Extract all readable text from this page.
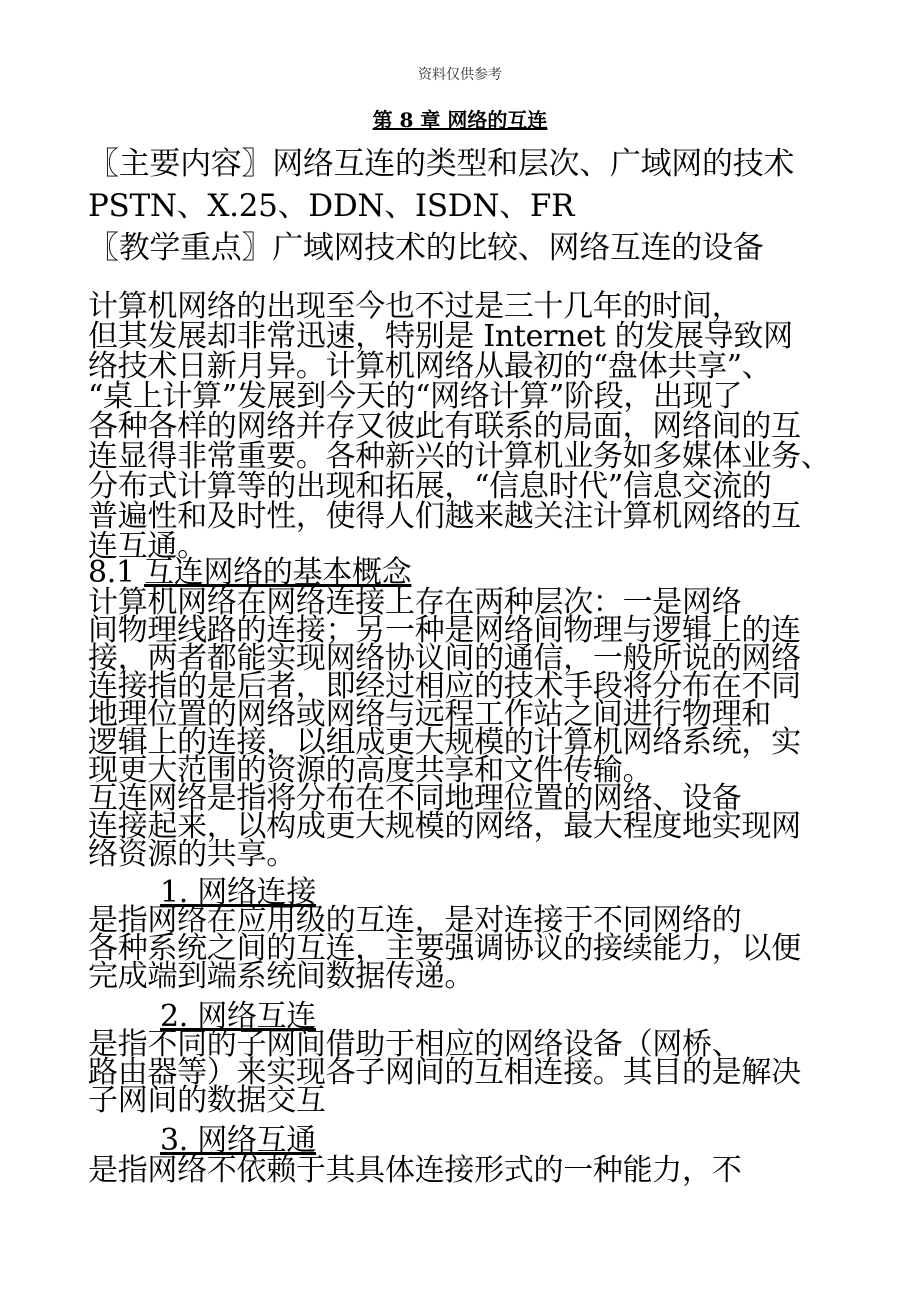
资料仅供参考
第 8 章 网络的互连
〖主要内容〗网络互连的类型和层次、广域网的技术
PSTN、X.25、DDN、ISDN、FR
〖教学重点〗广域网技术的比较、网络互连的设备
计算机网络的出现至今也不过是三十几年的时间，
但其发展却非常迅速，特别是 Internet 的发展导致网
络技术日新月异。计算机网络从最初的“盘体共享”、
“桌上计算”发展到今天的“网络计算”阶段，出现了
各种各样的网络并存又彼此有联系的局面，网络间的互
连显得非常重要。各种新兴的计算机业务如多媒体业务、
分布式计算等的出现和拓展，“信息时代”信息交流的
普遍性和及时性，使得人们越来越关注计算机网络的互
连互通。
8.1 互连网络的基本概念
计算机网络在网络连接上存在两种层次：一是网络
间物理线路的连接；另一种是网络间物理与逻辑上的连
接，两者都能实现网络协议间的通信，一般所说的网络
连接指的是后者，即经过相应的技术手段将分布在不同
地理位置的网络或网络与远程工作站之间进行物理和
逻辑上的连接，以组成更大规模的计算机网络系统，实
现更大范围的资源的高度共享和文件传输。
互连网络是指将分布在不同地理位置的网络、设备
连接起来，以构成更大规模的网络，最大程度地实现网
络资源的共享。
1. 网络连接
是指网络在应用级的互连，是对连接于不同网络的
各种系统之间的互连，主要强调协议的接续能力，以便
完成端到端系统间数据传递。
2. 网络互连
是指不同的子网间借助于相应的网络设备（网桥、
路由器等）来实现各子网间的互相连接。其目的是解决
子网间的数据交互
3. 网络互通
是指网络不依赖于其具体连接形式的一种能力，不
